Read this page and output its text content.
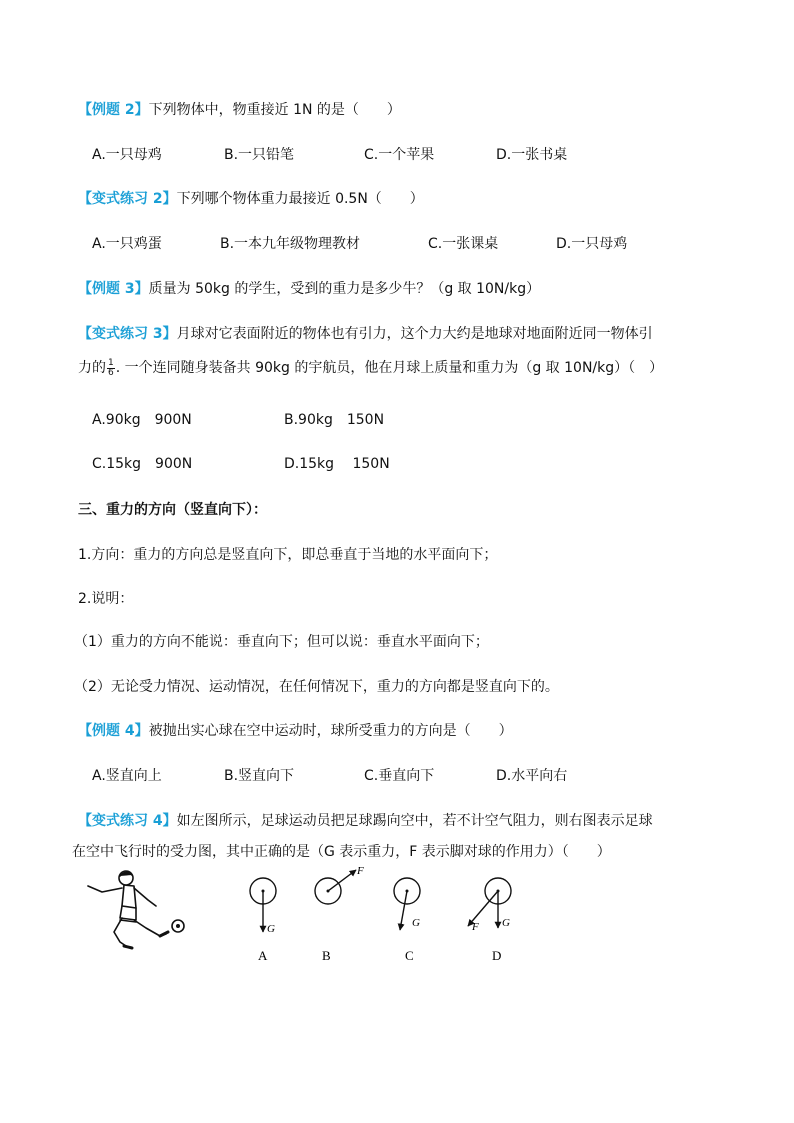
【例题 2】下列物体中，物重接近 1N 的是（　　）
A.一只母鸡	B.一只铅笔	C.一个苹果	D.一张书桌
【变式练习 2】下列哪个物体重力最接近 0.5N（　　）
A.一只鸡蛋	B.一本九年级物理教材	C.一张课桌	D.一只母鸡
【例题 3】质量为 50kg 的学生，受到的重力是多少牛？（g 取 10N/kg）
【变式练习 3】月球对它表面附近的物体也有引力，这个力大约是地球对地面附近同一物体引
力的 $\frac{1}{6}$ . 一个连同随身装备共 90kg 的宇航员，他在月球上质量和重力为（g 取 10N/kg）（　）
A.90kg　900N	B.90kg　150N
C.15kg　900N	D.15kg　 150N
三、重力的方向（竖直向下）：
1.方向：重力的方向总是竖直向下，即总垂直于当地的水平面向下；
2.说明：
（1）重力的方向不能说：垂直向下；但可以说：垂直水平面向下；
（2）无论受力情况、运动情况，在任何情况下，重力的方向都是竖直向下的。
【例题 4】被抛出实心球在空中运动时，球所受重力的方向是（　　）
A.竖直向上	B.竖直向下	C.垂直向下	D.水平向右
【变式练习 4】如左图所示，足球运动员把足球踢向空中，若不计空气阻力，则右图表示足球
在空中飞行时的受力图，其中正确的是（G 表示重力，F 表示脚对球的作用力）（　　）
G
A
F
B
G
C
F G
D
